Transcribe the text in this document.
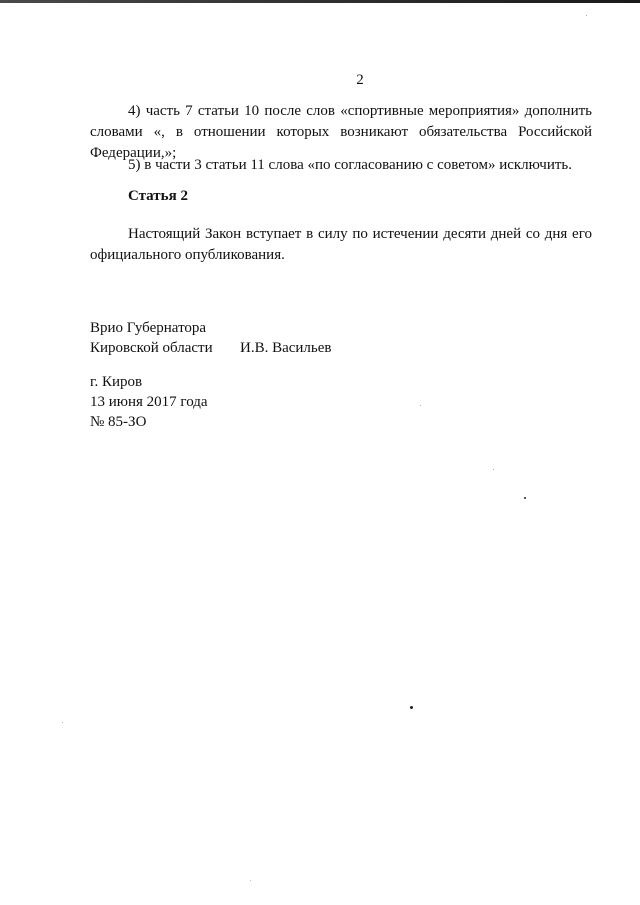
2

4) часть 7 статьи 10 после слов «спортивные мероприятия» дополнить словами «, в отношении которых возникают обязательства Российской Федерации,»;

5) в части 3 статьи 11 слова «по согласованию с советом» исключить.

Статья 2

Настоящий Закон вступает в силу по истечении десяти дней со дня его официального опубликования.

Врио Губернатора
Кировской области И.В. Васильев
г. Киров
13 июня 2017 года
№ 85-ЗО
